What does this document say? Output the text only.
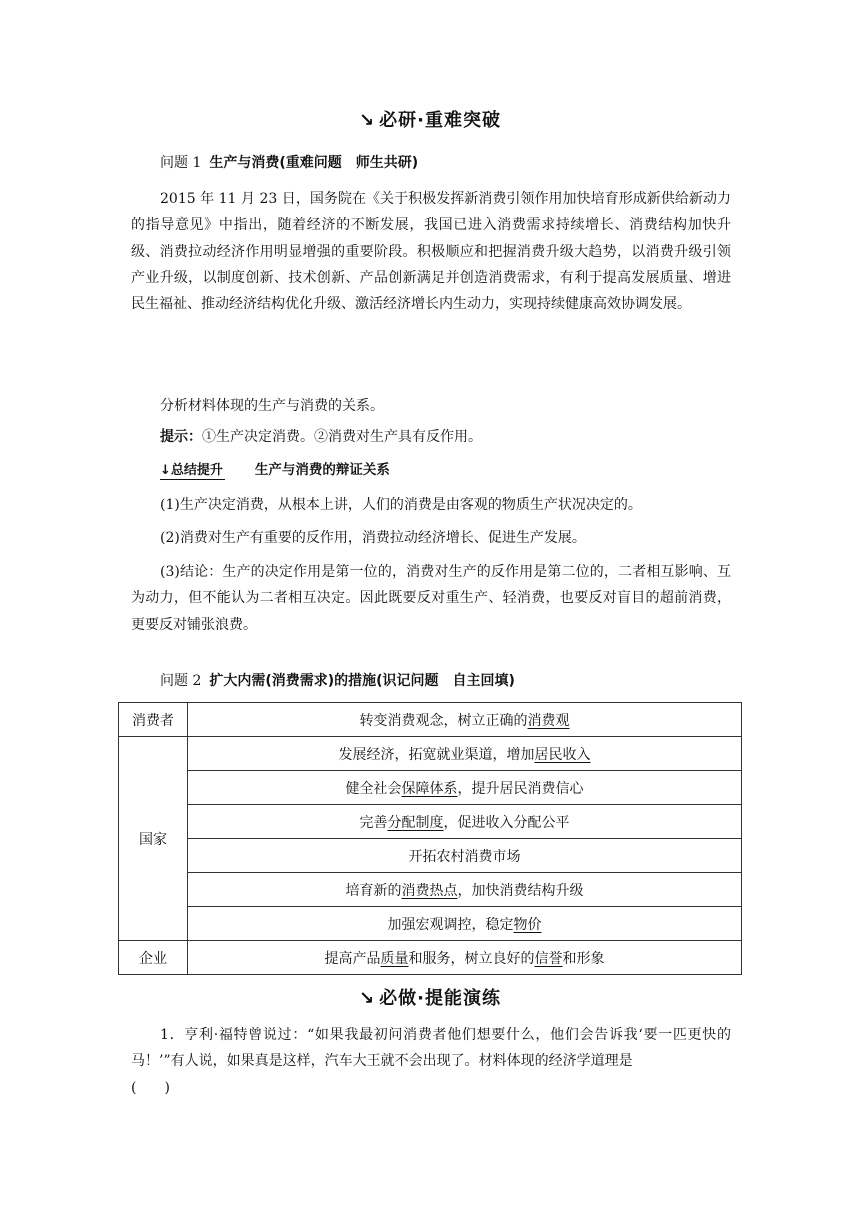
↘ 必研·重难突破
问题 1 生产与消费(重难问题　师生共研)
2015 年 11 月 23 日，国务院在《关于积极发挥新消费引领作用加快培育形成新供给新动力的指导意见》中指出，随着经济的不断发展，我国已进入消费需求持续增长、消费结构加快升级、消费拉动经济作用明显增强的重要阶段。积极顺应和把握消费升级大趋势，以消费升级引领产业升级，以制度创新、技术创新、产品创新满足并创造消费需求，有利于提高发展质量、增进民生福祉、推动经济结构优化升级、激活经济增长内生动力，实现持续健康高效协调发展。
分析材料体现的生产与消费的关系。
提示：①生产决定消费。②消费对生产具有反作用。
↓总结提升 生产与消费的辩证关系
(1)生产决定消费，从根本上讲，人们的消费是由客观的物质生产状况决定的。
(2)消费对生产有重要的反作用，消费拉动经济增长、促进生产发展。
(3)结论：生产的决定作用是第一位的，消费对生产的反作用是第二位的，二者相互影响、互为动力，但不能认为二者相互决定。因此既要反对重生产、轻消费，也要反对盲目的超前消费，更要反对铺张浪费。
问题 2 扩大内需(消费需求)的措施(识记问题　自主回填)
消费者	转变消费观念，树立正确的消费观
国家	发展经济，拓宽就业渠道，增加居民收入
	健全社会保障体系，提升居民消费信心
	完善分配制度，促进收入分配公平
	开拓农村消费市场
	培育新的消费热点，加快消费结构升级
	加强宏观调控，稳定物价
企业	提高产品质量和服务，树立良好的信誉和形象
↘ 必做·提能演练
1．亨利·福特曾说过：“如果我最初问消费者他们想要什么，他们会告诉我‘要一匹更快的马！’”有人说，如果真是这样，汽车大王就不会出现了。材料体现的经济学道理是
(　　)
